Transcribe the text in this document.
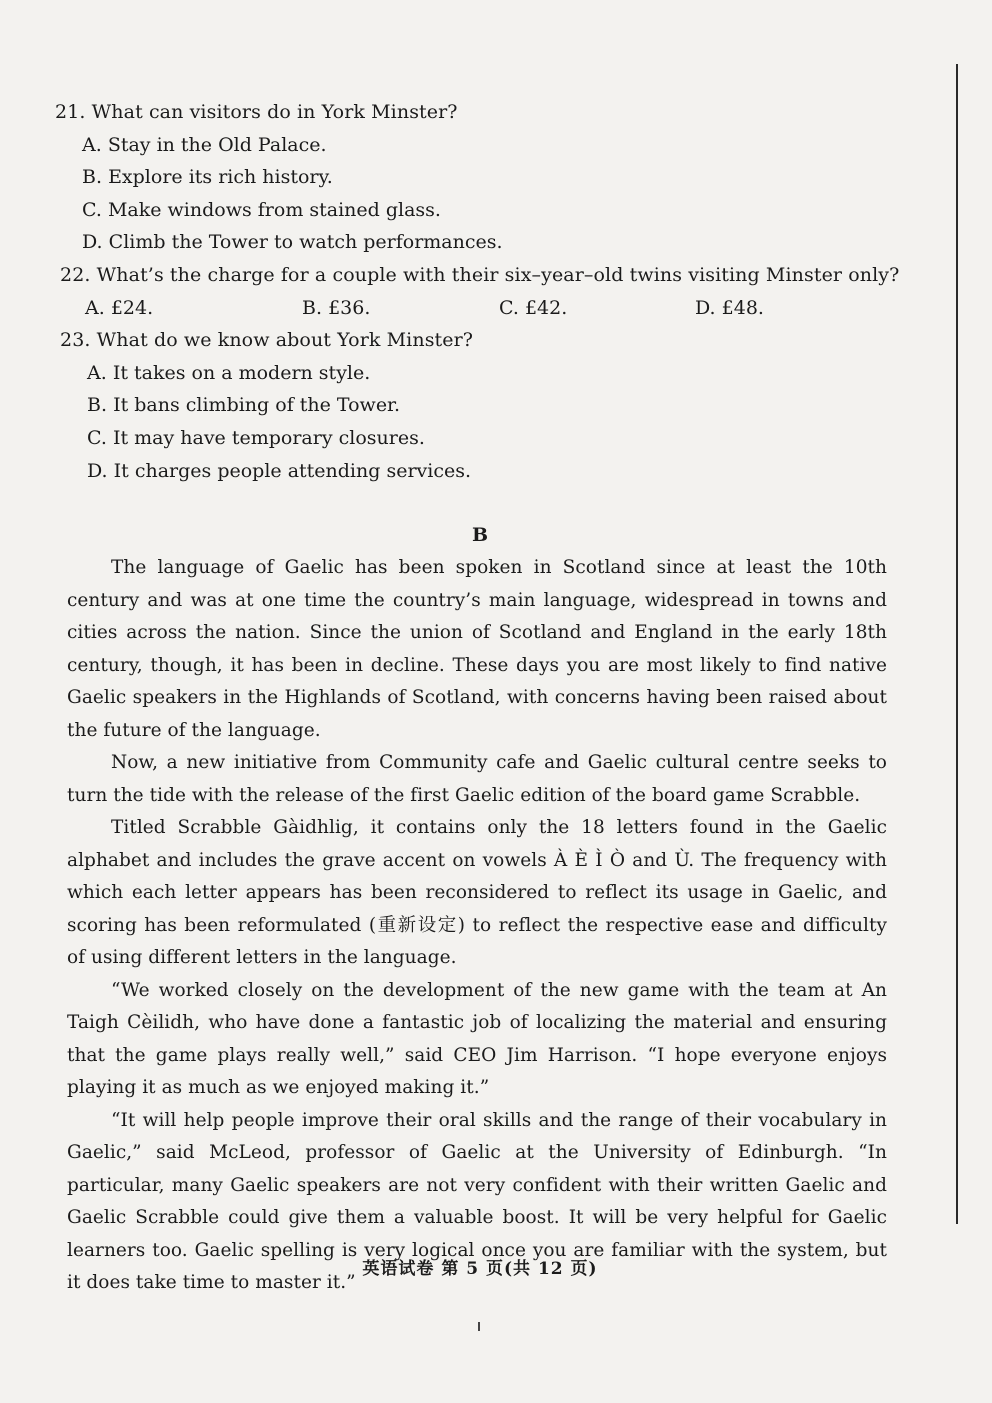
21. What can visitors do in York Minster?
A. Stay in the Old Palace.
B. Explore its rich history.
C. Make windows from stained glass.
D. Climb the Tower to watch performances.
22. What’s the charge for a couple with their six–year–old twins visiting Minster only?
A. £24.	B. £36.	C. £42.	D. £48.
23. What do we know about York Minster?
A. It takes on a modern style.
B. It bans climbing of the Tower.
C. It may have temporary closures.
D. It charges people attending services.
B

The language of Gaelic has been spoken in Scotland since at least the 10th century and was at one time the country’s main language, widespread in towns and cities across the nation. Since the union of Scotland and England in the early 18th century, though, it has been in decline. These days you are most likely to find native Gaelic speakers in the Highlands of Scotland, with concerns having been raised about the future of the language.

Now, a new initiative from Community cafe and Gaelic cultural centre seeks to turn the tide with the release of the first Gaelic edition of the board game Scrabble.

Titled Scrabble Gàidhlig, it contains only the 18 letters found in the Gaelic alphabet and includes the grave accent on vowels À È Ì Ò and Ù. The frequency with which each letter appears has been reconsidered to reflect its usage in Gaelic, and scoring has been reformulated (重新设定) to reflect the respective ease and difficulty of using different letters in the language.

“We worked closely on the development of the new game with the team at An Taigh Cèilidh, who have done a fantastic job of localizing the material and ensuring that the game plays really well,” said CEO Jim Harrison. “I hope everyone enjoys playing it as much as we enjoyed making it.”

“It will help people improve their oral skills and the range of their vocabulary in Gaelic,” said McLeod, professor of Gaelic at the University of Edinburgh. “In particular, many Gaelic speakers are not very confident with their written Gaelic and Gaelic Scrabble could give them a valuable boost. It will be very helpful for Gaelic learners too. Gaelic spelling is very logical once you are familiar with the system, but it does take time to master it.”

英语试卷 第 5 页(共 12 页)
